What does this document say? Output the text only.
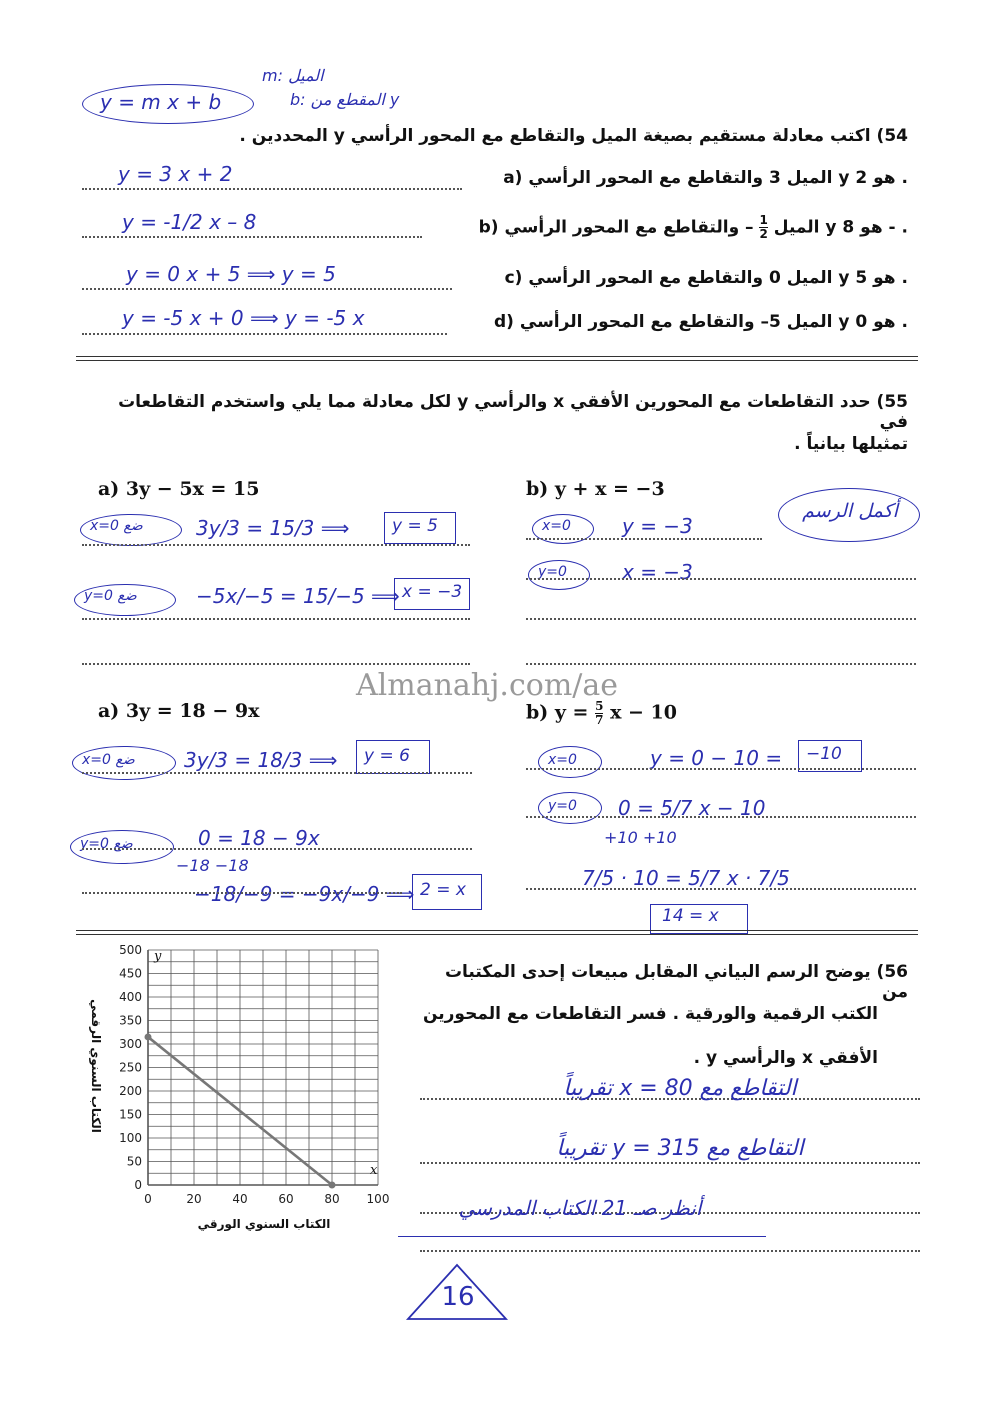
y = m x + b
m: الميل
b: المقطع من y
54) اكتب معادلة مستقيم بصيغة الميل والتقاطع مع المحور الرأسي y المحددين .
a) الميل 3 والتقاطع مع المحور الرأسي y هو 2 .
y = 3 x + 2
b) الميل
$\frac{1}{2}$
– والتقاطع مع المحور الرأسي y هو 8 - .
y = -1/2 x – 8
c) الميل 0 والتقاطع مع المحور الرأسي y هو 5 .
y = 0 x + 5 ⟹ y = 5
d) الميل 5– والتقاطع مع المحور الرأسي y هو 0 .
y = -5 x + 0 ⟹ y = -5 x
55) حدد التقاطعات مع المحورين الأفقي x والرأسي y لكل معادلة مما يلي واستخدم التقاطعات في
تمثيلها بيانياً .
أكمل الرسم
a) 3y − 5x = 15
x=0 ضع	3y/3 = 15/3 ⟹	y = 5
y=0 ضع	−5x/−5 = 15/−5 ⟹ x = −3
b) y + x = −3
x=0	y = −3
y=0	x = −3
Almanahj.com/ae
a) 3y = 18 − 9x
x=0 ضع 3y/3 = 18/3 ⟹ y = 6
y=0 ضع	0 = 18 − 9x
−18 −18
−18/−9 = −9x/−9 ⟹ 2 = x
b) $y = \frac{5}{7}$ x − 10
x=0	y = 0 − 10 = −10
y=0 0 = 5/7 x − 10
+10 +10
7/5 · 10 = 5/7 x · 7/5
14 = x
56) يوضح الرسم البياني المقابل مبيعات إحدى المكتبات من
الكتب الرقمية والورقية . فسر التقاطعات مع المحورين
الأفقي x والرأسي y .
التقاطع مع x = 80 تقريباً
التقاطع مع y = 315 تقريباً
أنظر صـ 21 الكتاب المدرسي
0	20	40	60	80 100
0
50
100
150
200
250
300
350
400
450
500
x
y
الكتاب السنوي الورقي
الكتاب السنوي الرقمي
16
